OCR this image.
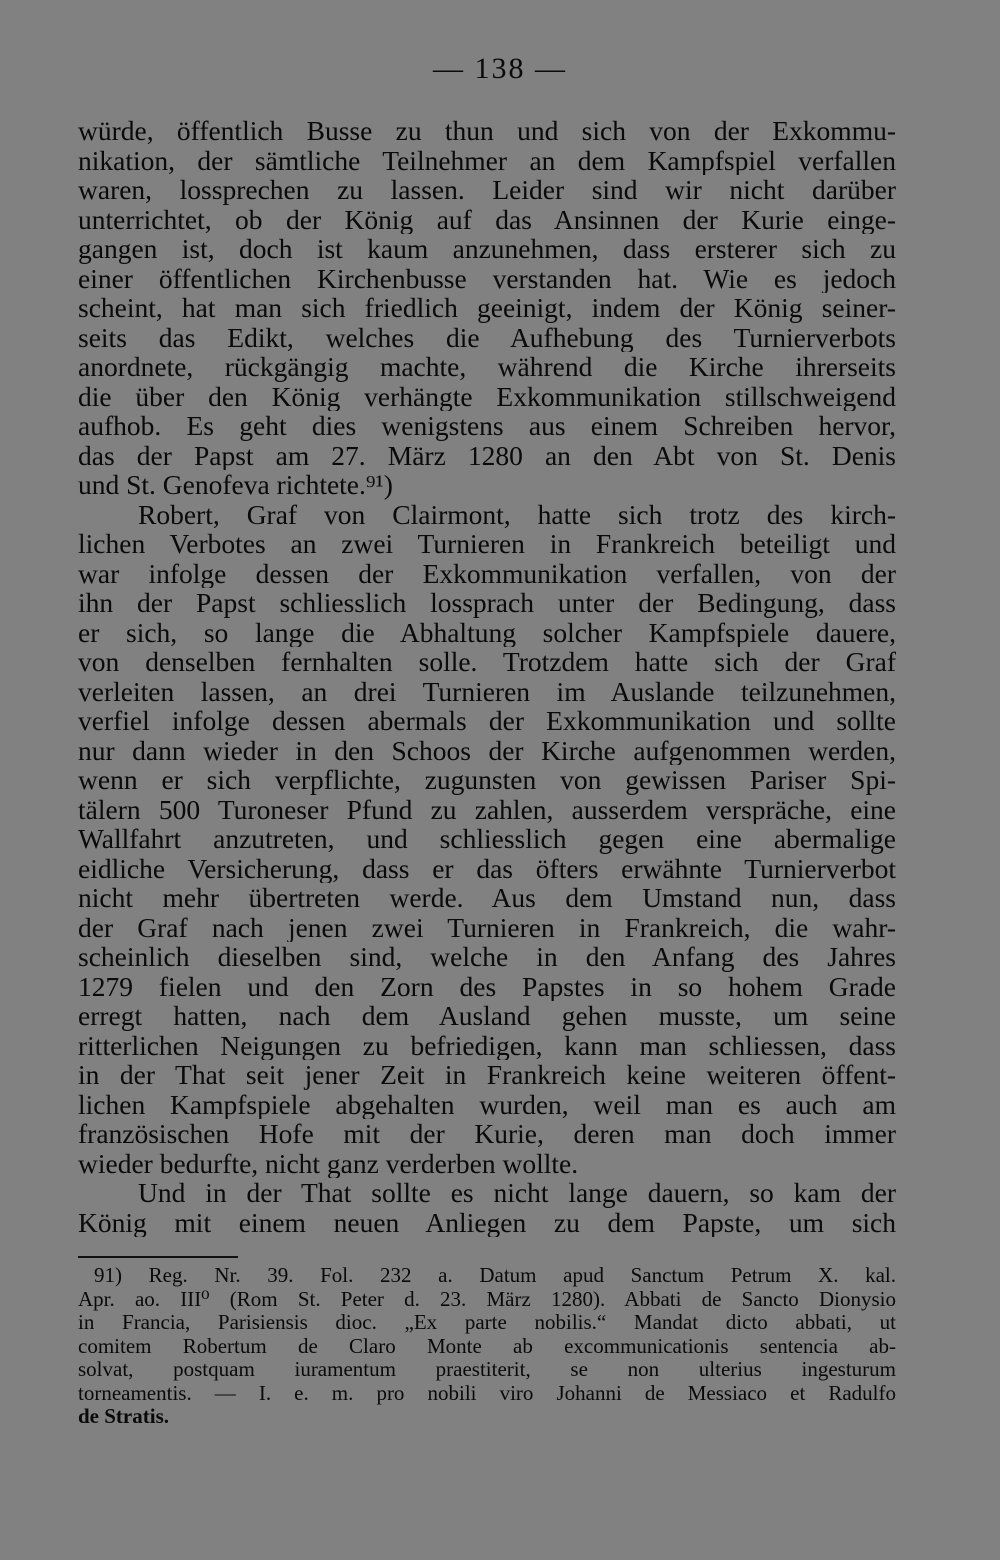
— 138 —
würde, öffentlich Busse zu thun und sich von der Exkommu-
nikation, der sämtliche Teilnehmer an dem Kampfspiel verfallen
waren, lossprechen zu lassen. Leider sind wir nicht darüber
unterrichtet, ob der König auf das Ansinnen der Kurie einge-
gangen ist, doch ist kaum anzunehmen, dass ersterer sich zu
einer öffentlichen Kirchenbusse verstanden hat. Wie es jedoch
scheint, hat man sich friedlich geeinigt, indem der König seiner-
seits das Edikt, welches die Aufhebung des Turnierverbots
anordnete, rückgängig machte, während die Kirche ihrerseits
die über den König verhängte Exkommunikation stillschweigend
aufhob. Es geht dies wenigstens aus einem Schreiben hervor,
das der Papst am 27. März 1280 an den Abt von St. Denis
und St. Genofeva richtete.⁹¹)
Robert, Graf von Clairmont, hatte sich trotz des kirch-
lichen Verbotes an zwei Turnieren in Frankreich beteiligt und
war infolge dessen der Exkommunikation verfallen, von der
ihn der Papst schliesslich lossprach unter der Bedingung, dass
er sich, so lange die Abhaltung solcher Kampfspiele dauere,
von denselben fernhalten solle. Trotzdem hatte sich der Graf
verleiten lassen, an drei Turnieren im Auslande teilzunehmen,
verfiel infolge dessen abermals der Exkommunikation und sollte
nur dann wieder in den Schoos der Kirche aufgenommen werden,
wenn er sich verpflichte, zugunsten von gewissen Pariser Spi-
tälern 500 Turoneser Pfund zu zahlen, ausserdem verspräche, eine
Wallfahrt anzutreten, und schliesslich gegen eine abermalige
eidliche Versicherung, dass er das öfters erwähnte Turnierverbot
nicht mehr übertreten werde. Aus dem Umstand nun, dass
der Graf nach jenen zwei Turnieren in Frankreich, die wahr-
scheinlich dieselben sind, welche in den Anfang des Jahres
1279 fielen und den Zorn des Papstes in so hohem Grade
erregt hatten, nach dem Ausland gehen musste, um seine
ritterlichen Neigungen zu befriedigen, kann man schliessen, dass
in der That seit jener Zeit in Frankreich keine weiteren öffent-
lichen Kampfspiele abgehalten wurden, weil man es auch am
französischen Hofe mit der Kurie, deren man doch immer
wieder bedurfte, nicht ganz verderben wollte.
Und in der That sollte es nicht lange dauern, so kam der
König mit einem neuen Anliegen zu dem Papste, um sich
91) Reg. Nr. 39. Fol. 232 a. Datum apud Sanctum Petrum X. kal.
Apr. ao. III⁰ (Rom St. Peter d. 23. März 1280). Abbati de Sancto Dionysio
in Francia, Parisiensis dioc. „Ex parte nobilis.“ Mandat dicto abbati, ut
comitem Robertum de Claro Monte ab excommunicationis sentencia ab-
solvat, postquam iuramentum praestiterit, se non ulterius ingesturum
torneamentis. — I. e. m. pro nobili viro Johanni de Messiaco et Radulfo
de Stratis.
